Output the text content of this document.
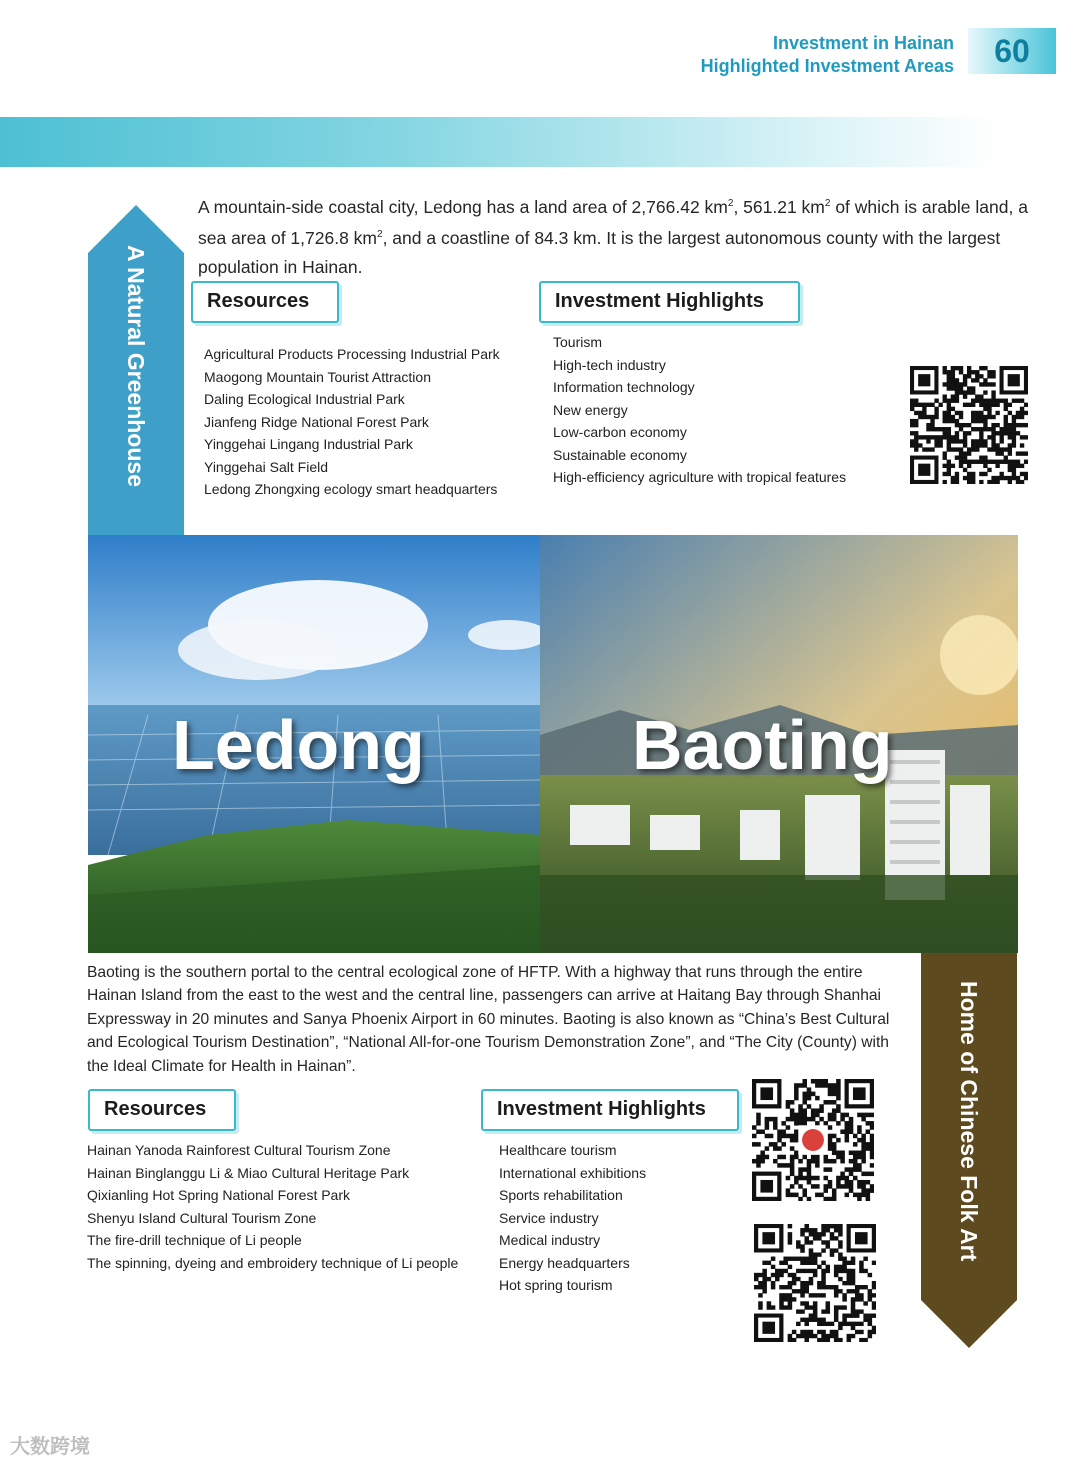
Investment in Hainan
Highlighted Investment Areas	60
A Natural Greenhouse
A mountain-side coastal city, Ledong has a land area of 2,766.42 $km^2$, 561.21 $km^2$ of which is arable land, a sea area of 1,726.8 $km^2$, and a coastline of 84.3 km. It is the largest autonomous county with the largest population in Hainan.
Resources
Agricultural Products Processing Industrial Park
Maogong Mountain Tourist Attraction
Daling Ecological Industrial Park
Jianfeng Ridge National Forest Park
Yinggehai Lingang Industrial Park
Yinggehai Salt Field
Ledong Zhongxing ecology smart headquarters
Investment Highlights
Tourism
High-tech industry
Information technology
New energy
Low-carbon economy
Sustainable economy
High-efficiency agriculture with tropical features
Ledong	Baoting
Home of Chinese Folk Art
Baoting is the southern portal to the central ecological zone of HFTP. With a highway that runs through the entire Hainan Island from the east to the west and the central line, passengers can arrive at Haitang Bay through Shanhai Expressway in 20 minutes and Sanya Phoenix Airport in 60 minutes. Baoting is also known as “China’s Best Cultural and Ecological Tourism Destination”, “National All-for-one Tourism Demonstration Zone”, and “The City (County) with the Ideal Climate for Health in Hainan”.
Resources
Hainan Yanoda Rainforest Cultural Tourism Zone
Hainan Binglanggu Li & Miao Cultural Heritage Park
Qixianling Hot Spring National Forest Park
Shenyu Island Cultural Tourism Zone
The fire-drill technique of Li people
The spinning, dyeing and embroidery technique of Li people
Investment Highlights
Healthcare tourism
International exhibitions
Sports rehabilitation
Service industry
Medical industry
Energy headquarters
Hot spring tourism
大数跨境
